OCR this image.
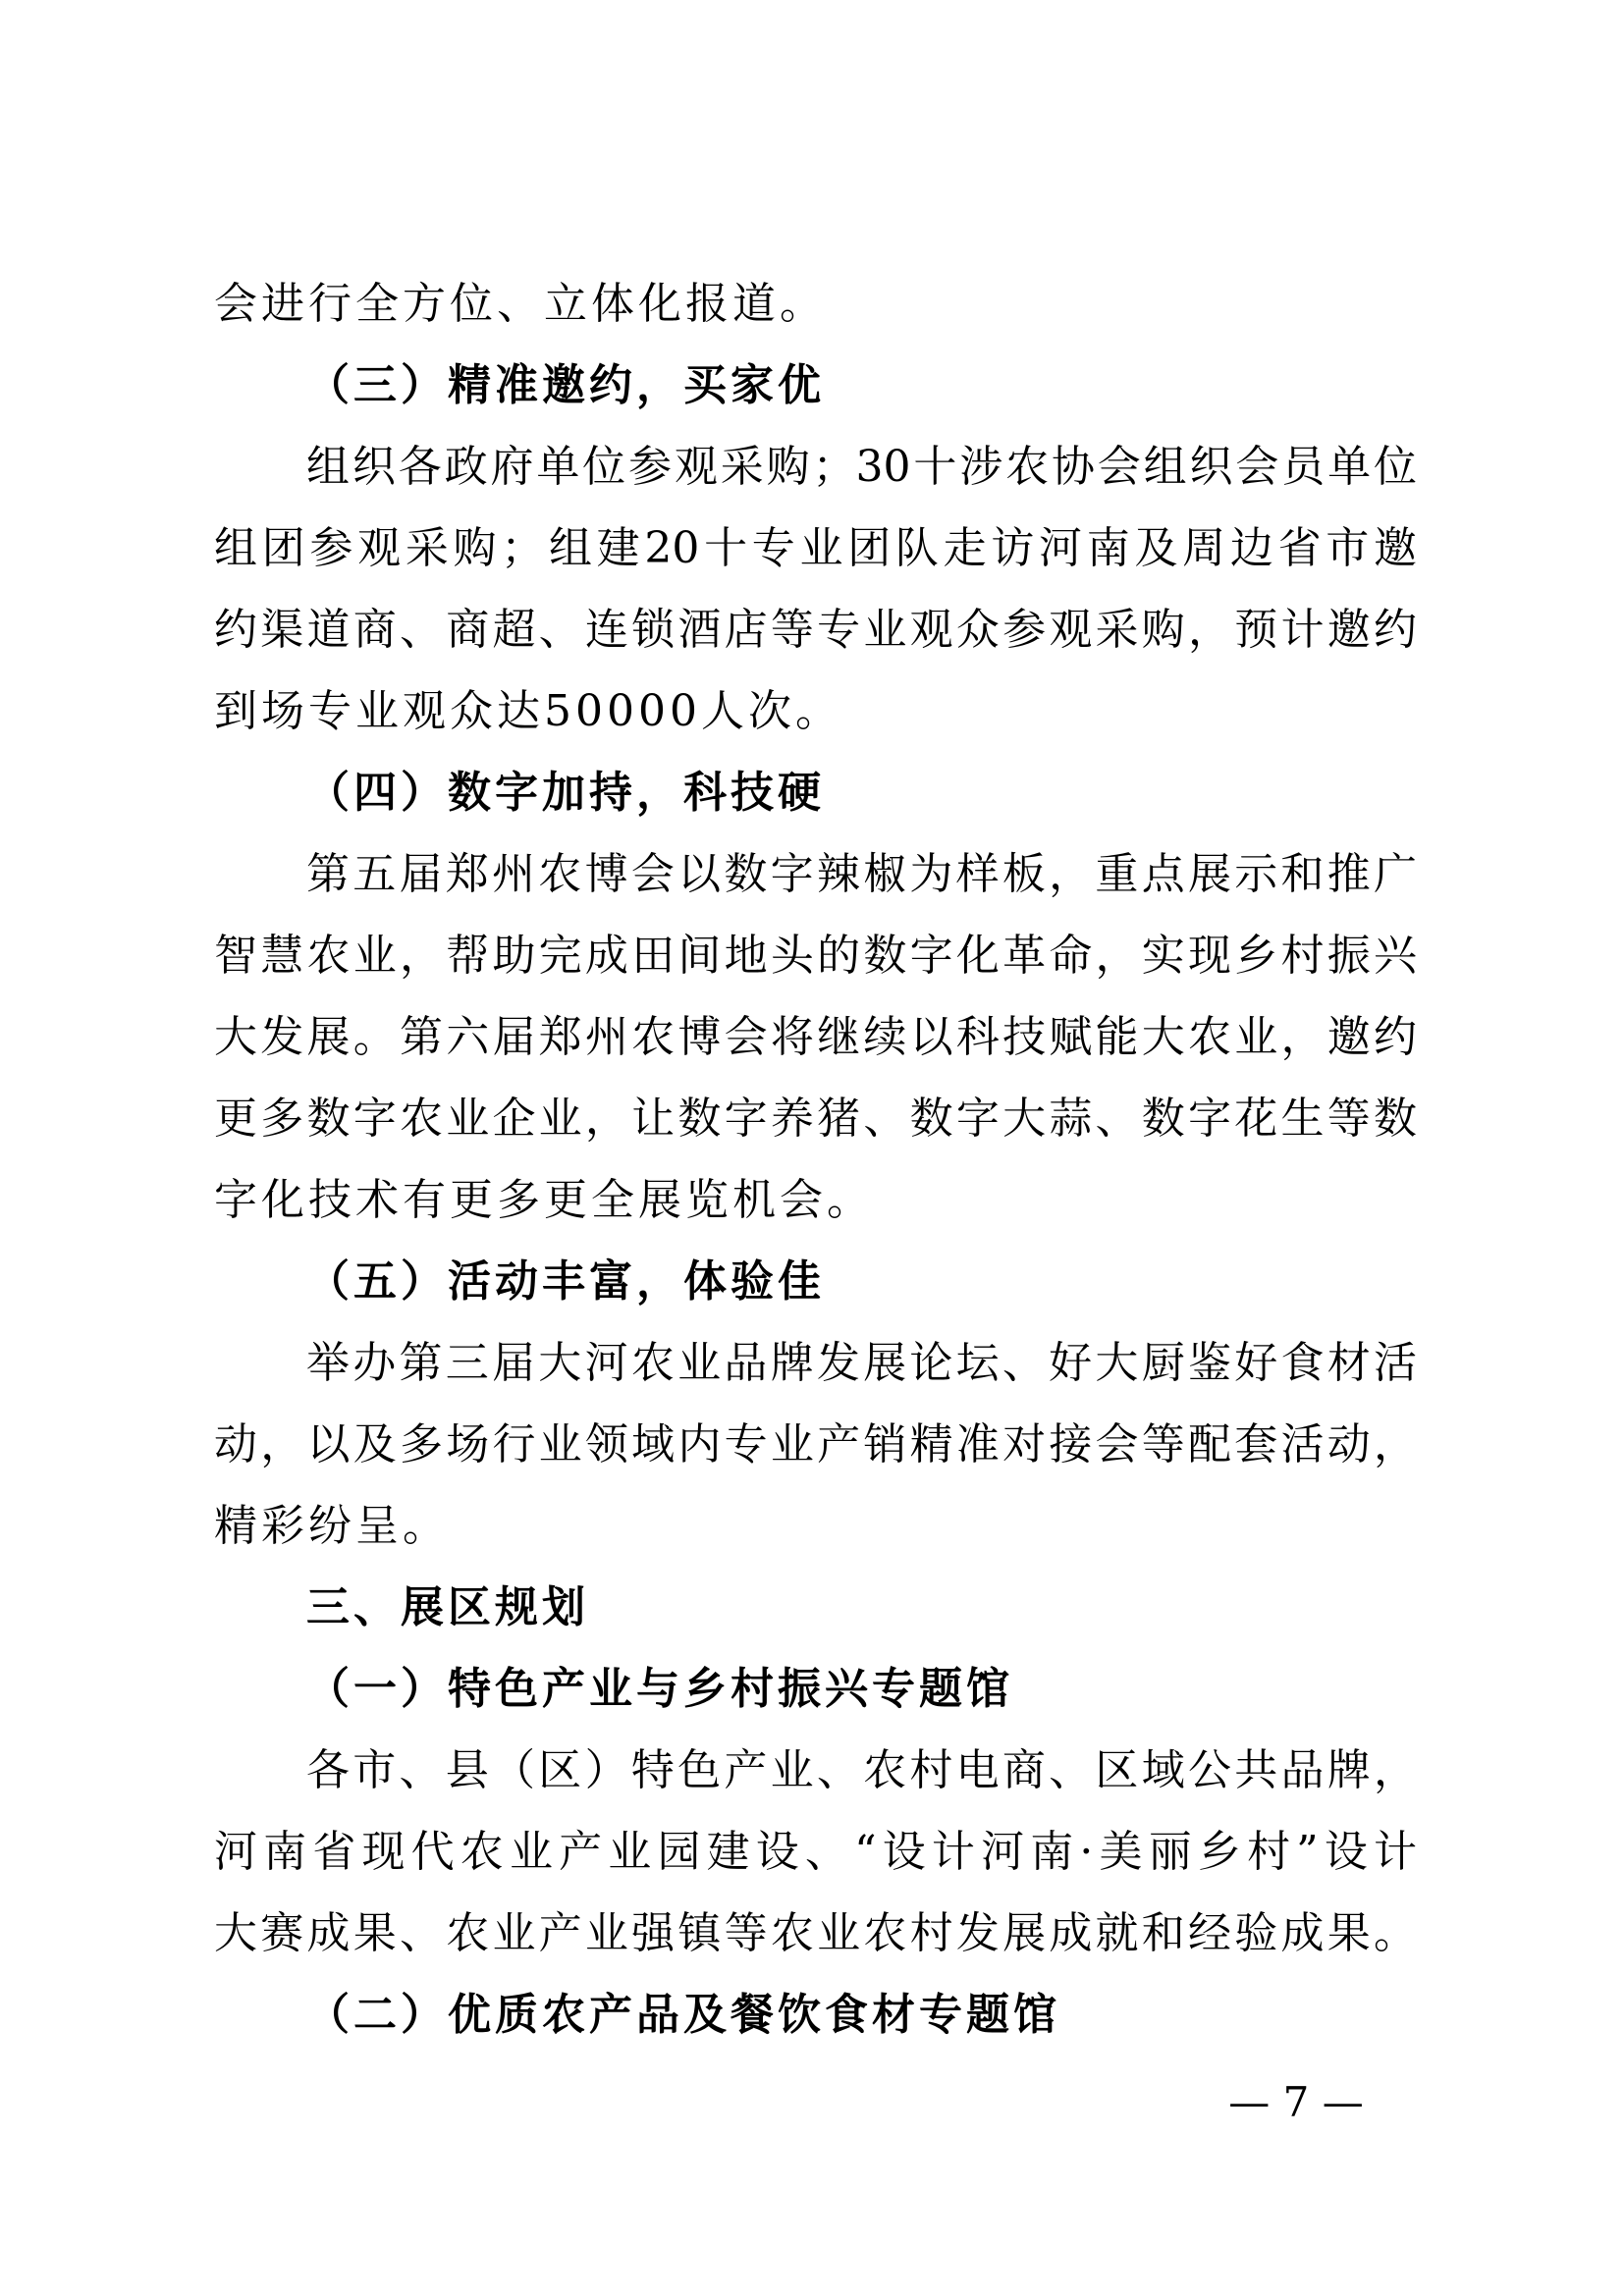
会进行全方位、立体化报道。
（三）精准邀约，买家优
组织各政府单位参观采购；30十涉农协会组织会员单位
组团参观采购；组建20十专业团队走访河南及周边省市邀
约渠道商、商超、连锁酒店等专业观众参观采购，预计邀约
到场专业观众达50000人次。
（四）数字加持，科技硬
第五届郑州农博会以数字辣椒为样板，重点展示和推广
智慧农业，帮助完成田间地头的数字化革命，实现乡村振兴
大发展。第六届郑州农博会将继续以科技赋能大农业，邀约
更多数字农业企业，让数字养猪、数字大蒜、数字花生等数
字化技术有更多更全展览机会。
（五）活动丰富，体验佳
举办第三届大河农业品牌发展论坛、好大厨鉴好食材活
动，以及多场行业领域内专业产销精准对接会等配套活动，
精彩纷呈。
三、展区规划
（一）特色产业与乡村振兴专题馆
各市、县（区）特色产业、农村电商、区域公共品牌，
河南省现代农业产业园建设、“设计河南·美丽乡村”设计
大赛成果、农业产业强镇等农业农村发展成就和经验成果。
（二）优质农产品及餐饮食材专题馆
— 7 —
